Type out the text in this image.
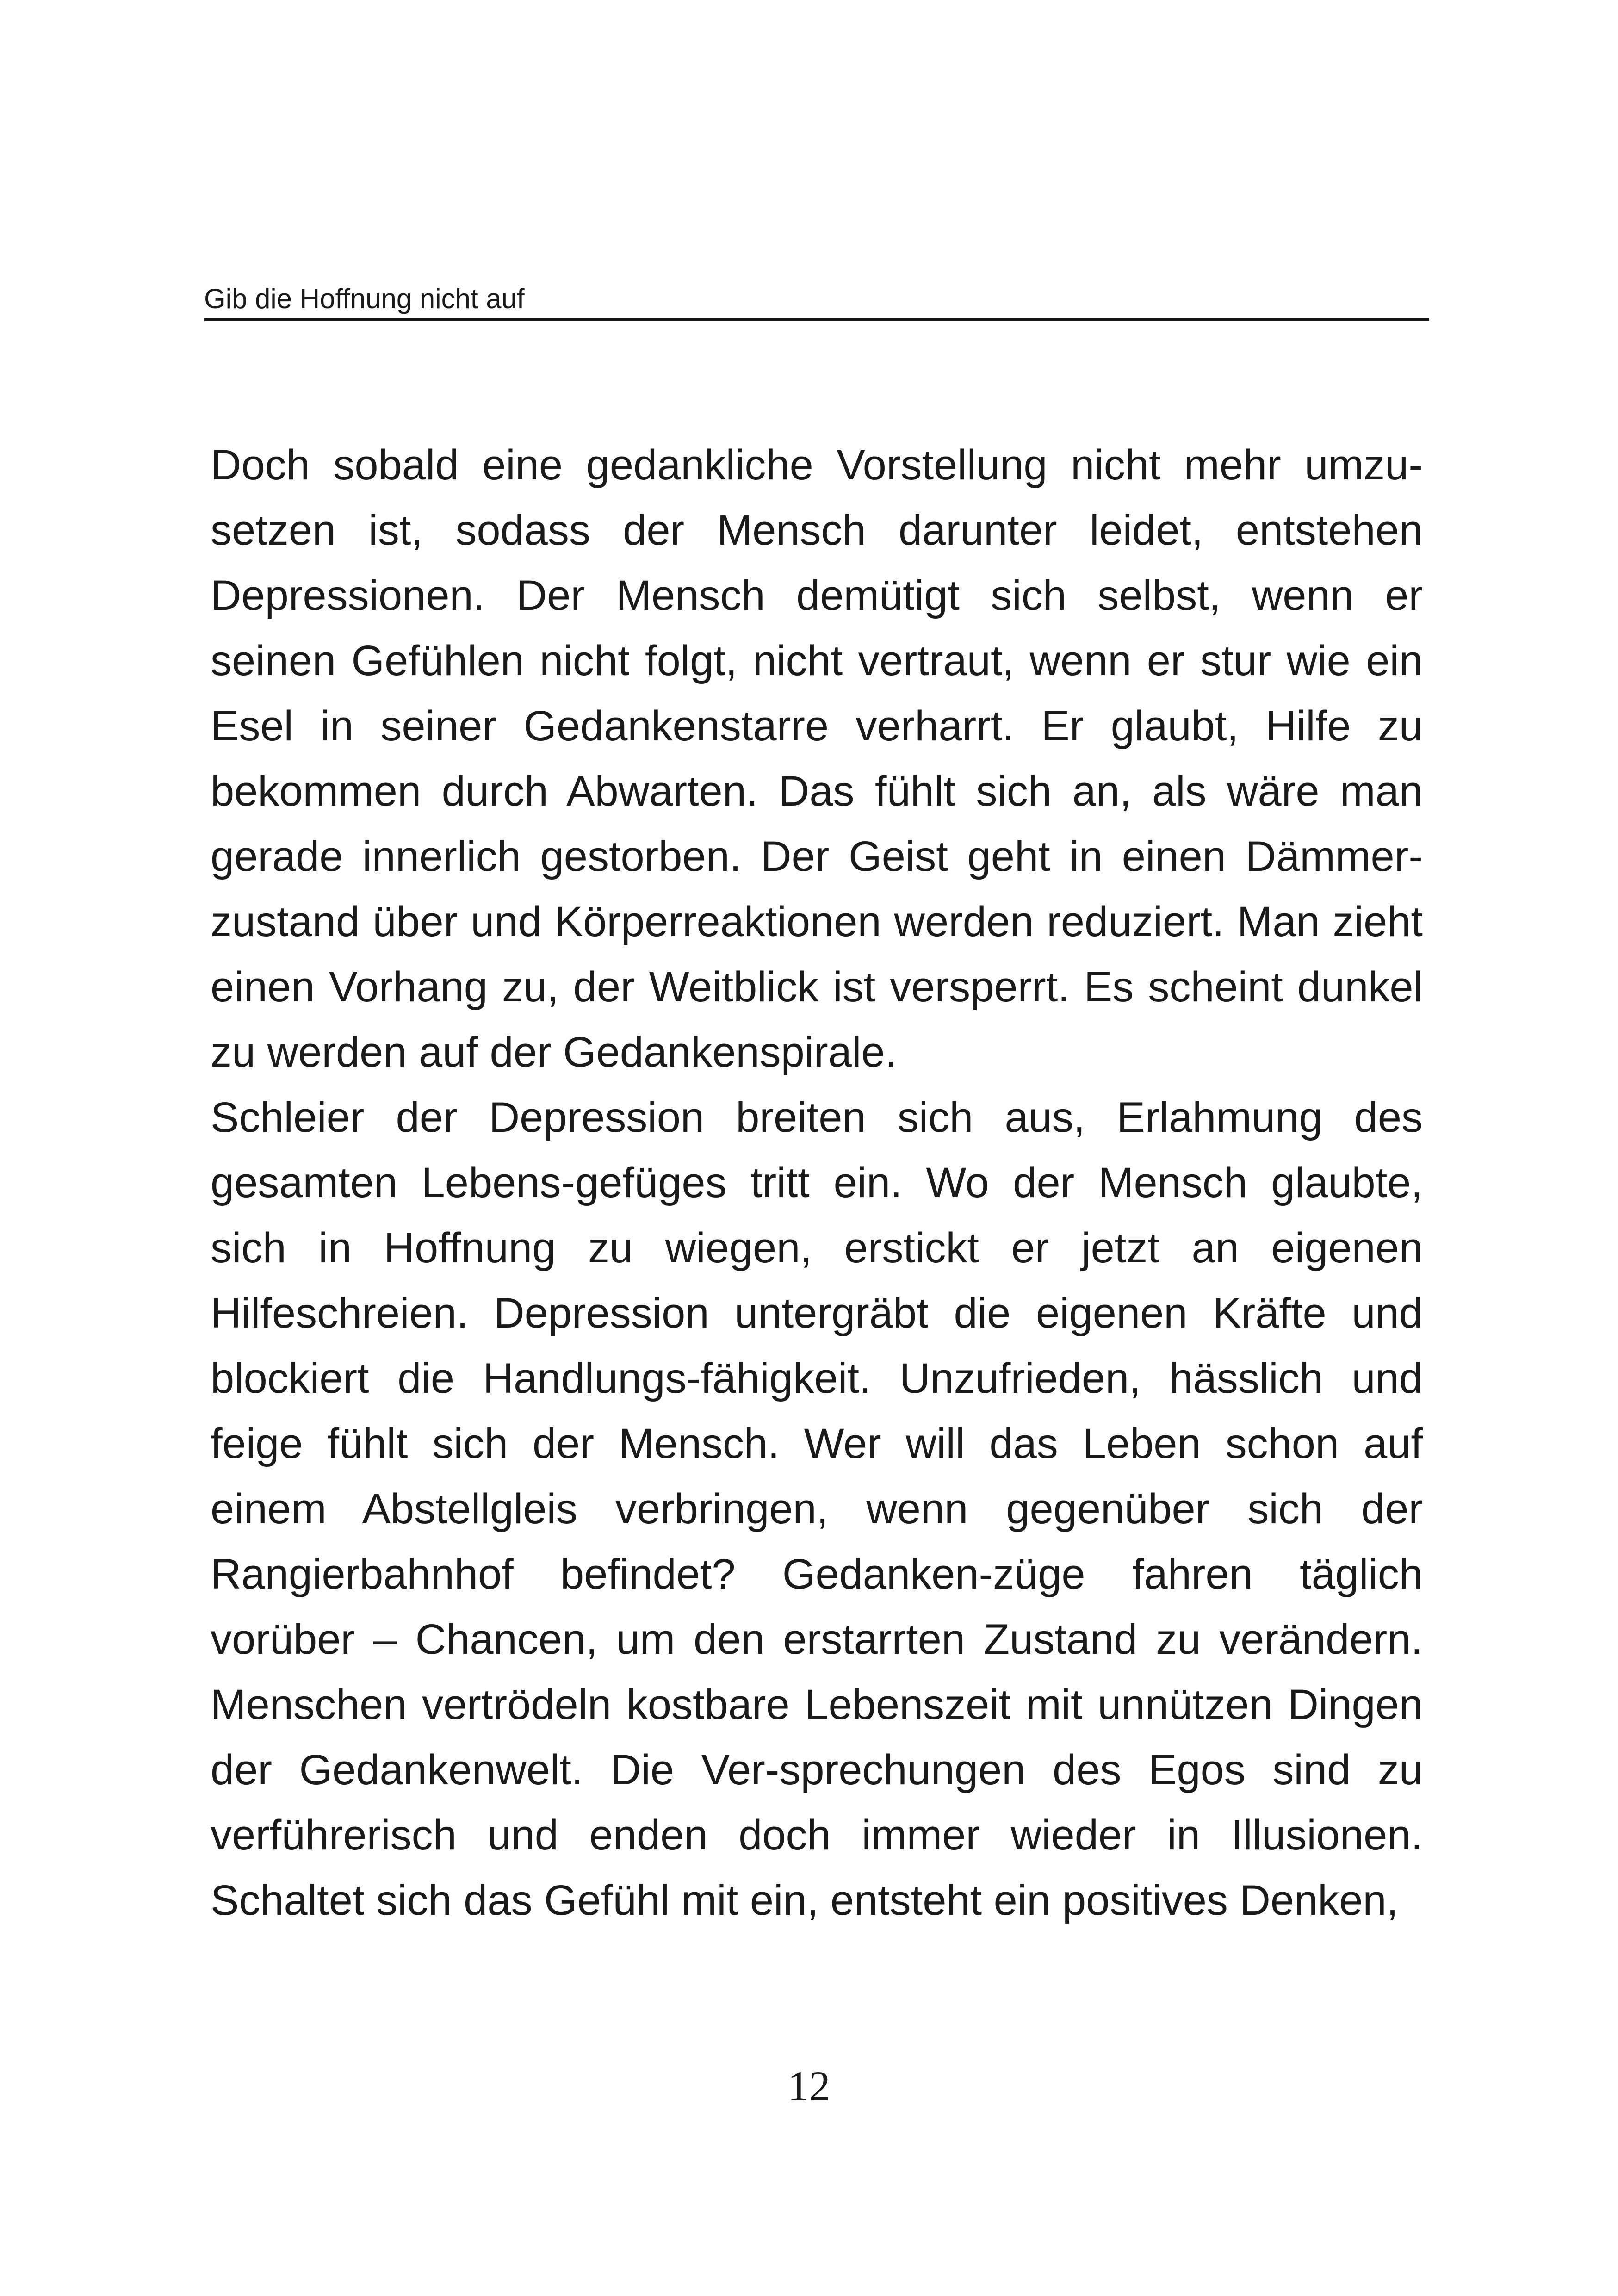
Gib die Hoffnung nicht auf

Doch sobald eine gedankliche Vorstellung nicht mehr umzusetzen ist, sodass der Mensch darunter leidet, entstehen Depressionen. Der Mensch demütigt sich selbst, wenn er seinen Gefühlen nicht folgt, nicht vertraut, wenn er stur wie ein Esel in seiner Gedankenstarre verharrt. Er glaubt, Hilfe zu bekommen durch Abwarten. Das fühlt sich an, als wäre man gerade innerlich gestorben. Der Geist geht in einen Dämmerzustand über und Körperreaktionen werden reduziert. Man zieht einen Vorhang zu, der Weitblick ist versperrt. Es scheint dunkel zu werden auf der Gedankenspirale.

Schleier der Depression breiten sich aus, Erlahmung des gesamten Lebens-gefüges tritt ein. Wo der Mensch glaubte, sich in Hoffnung zu wiegen, erstickt er jetzt an eigenen Hilfeschreien. Depression untergräbt die eigenen Kräfte und blockiert die Handlungs-fähigkeit. Unzufrieden, hässlich und feige fühlt sich der Mensch. Wer will das Leben schon auf einem Abstellgleis verbringen, wenn gegenüber sich der Rangierbahnhof befindet? Gedanken-züge fahren täglich vorüber – Chancen, um den erstarrten Zustand zu verändern. Menschen vertrödeln kostbare Lebenszeit mit unnützen Dingen der Gedankenwelt. Die Ver-sprechungen des Egos sind zu verführerisch und enden doch immer wieder in Illusionen. Schaltet sich das Gefühl mit ein, entsteht ein positives Denken,

12
